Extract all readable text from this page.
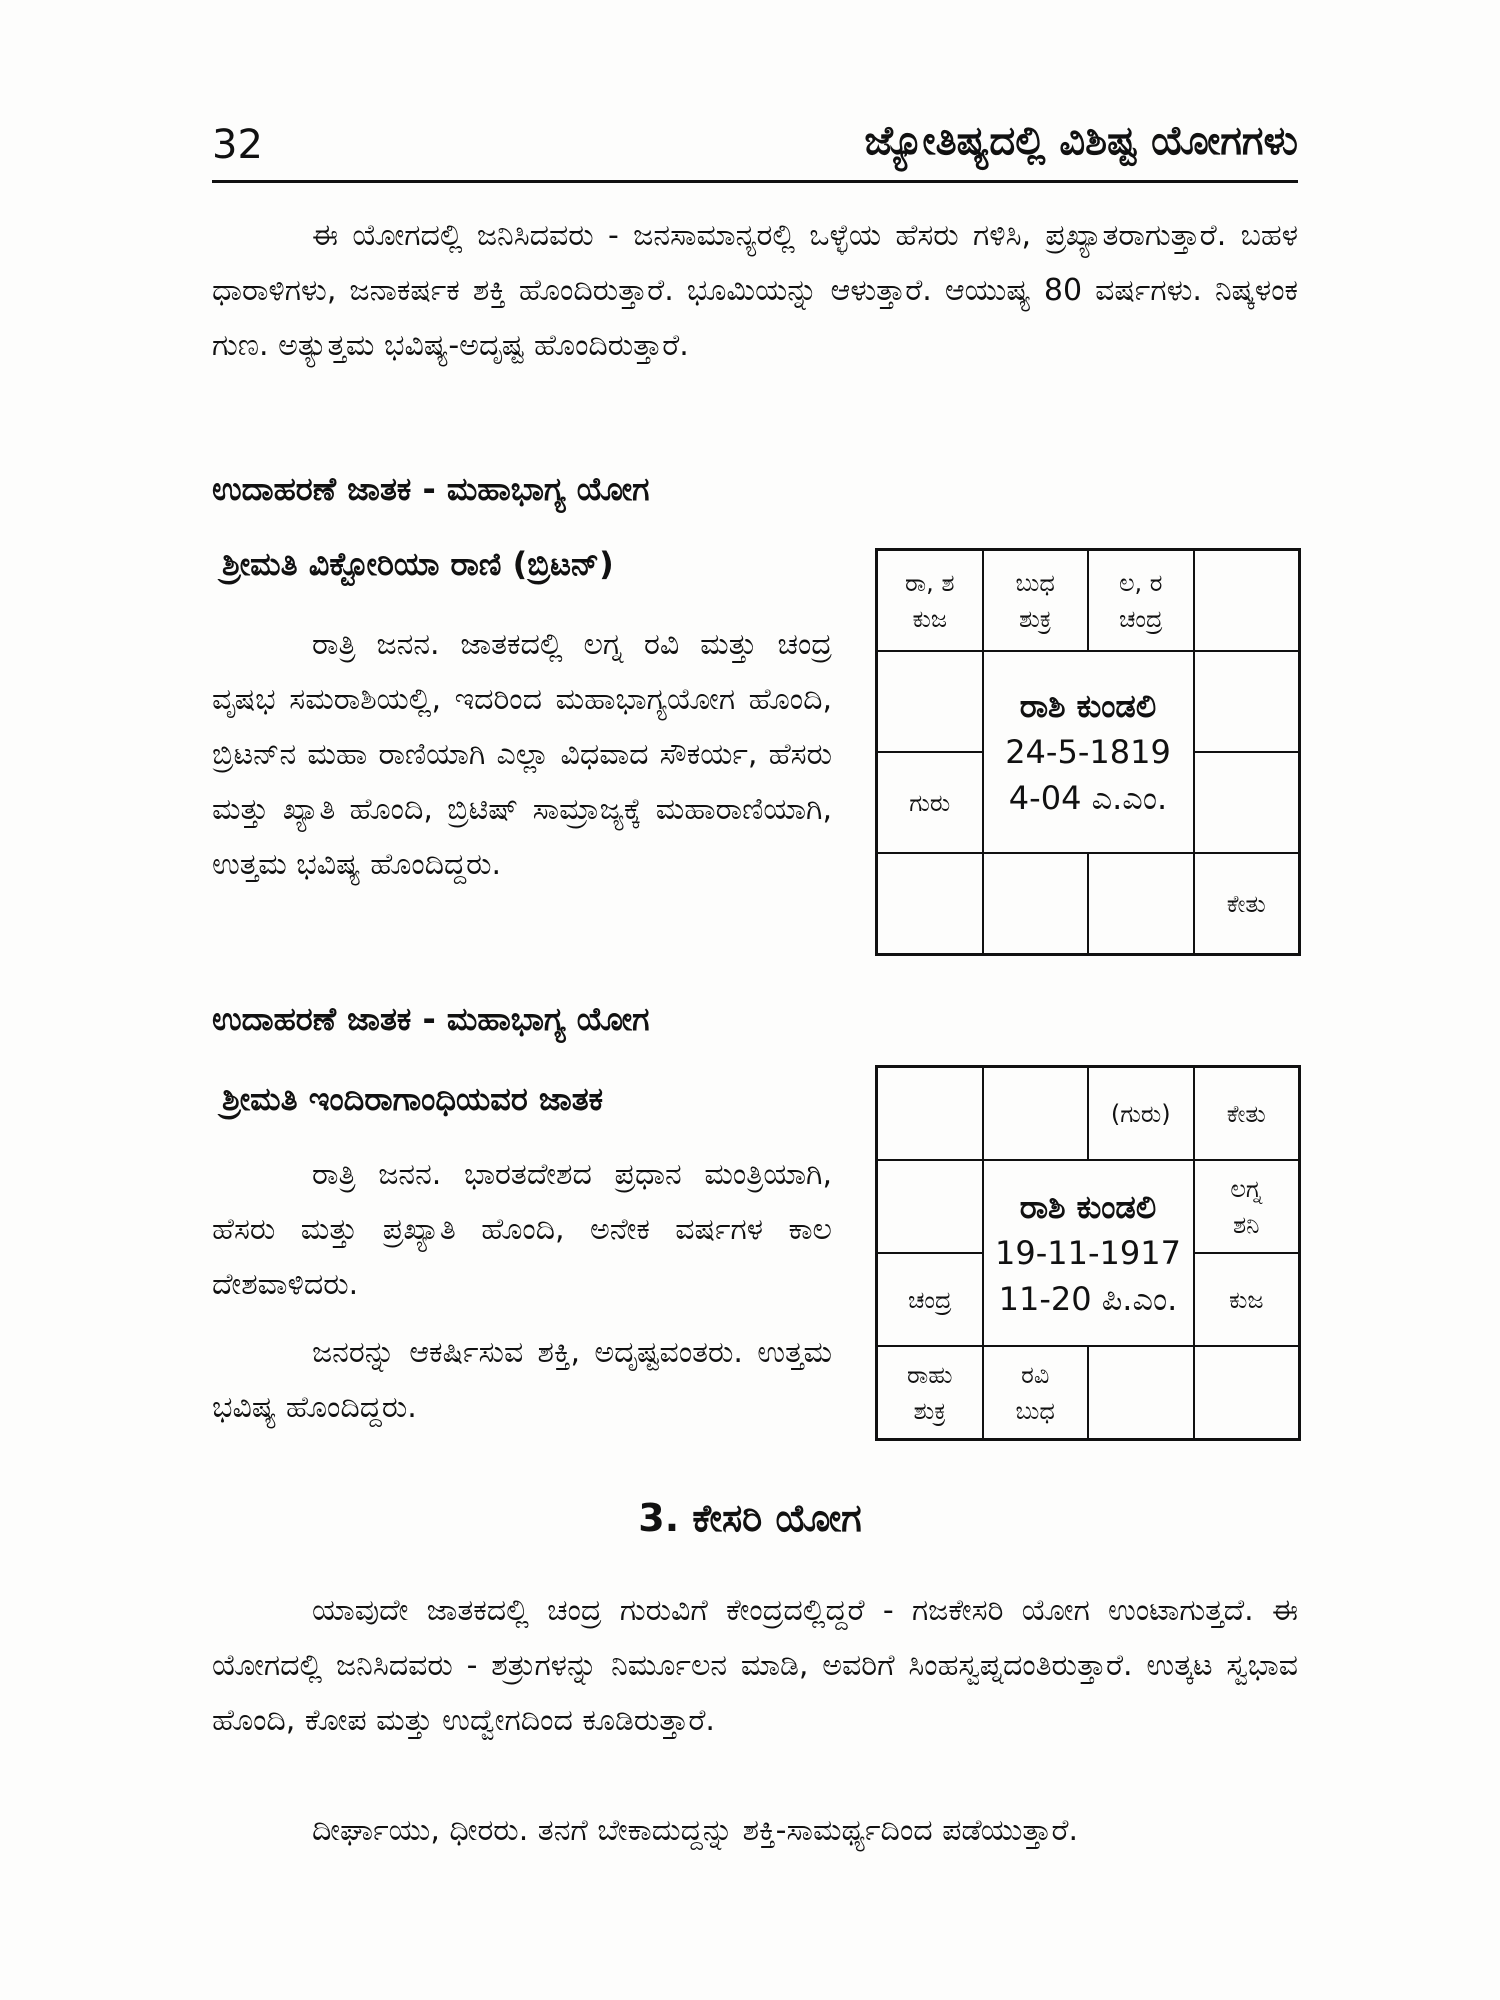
32	ಜ್ಯೋತಿಷ್ಯದಲ್ಲಿ ವಿಶಿಷ್ಟ ಯೋಗಗಳು
ಈ ಯೋಗದಲ್ಲಿ ಜನಿಸಿದವರು - ಜನಸಾಮಾನ್ಯರಲ್ಲಿ ಒಳ್ಳೆಯ ಹೆಸರು ಗಳಿಸಿ, ಪ್ರಖ್ಯಾತರಾಗುತ್ತಾರೆ. ಬಹಳ ಧಾರಾಳಿಗಳು, ಜನಾಕರ್ಷಕ ಶಕ್ತಿ ಹೊಂದಿರುತ್ತಾರೆ. ಭೂಮಿಯನ್ನು ಆಳುತ್ತಾರೆ. ಆಯುಷ್ಯ 80 ವರ್ಷಗಳು. ನಿಷ್ಕಳಂಕ ಗುಣ. ಅತ್ಯುತ್ತಮ ಭವಿಷ್ಯ-ಅದೃಷ್ಟ ಹೊಂದಿರುತ್ತಾರೆ.
ಉದಾಹರಣೆ ಜಾತಕ - ಮಹಾಭಾಗ್ಯ ಯೋಗ
ಶ್ರೀಮತಿ ವಿಕ್ಟೋರಿಯಾ ರಾಣಿ (ಬ್ರಿಟನ್)
ರಾತ್ರಿ ಜನನ. ಜಾತಕದಲ್ಲಿ ಲಗ್ನ ರವಿ ಮತ್ತು ಚಂದ್ರ ವೃಷಭ ಸಮರಾಶಿಯಲ್ಲಿ, ಇದರಿಂದ ಮಹಾಭಾಗ್ಯಯೋಗ ಹೊಂದಿ, ಬ್ರಿಟನ್‌ನ ಮಹಾ ರಾಣಿಯಾಗಿ ಎಲ್ಲಾ ವಿಧವಾದ ಸೌಕರ್ಯ, ಹೆಸರು ಮತ್ತು ಖ್ಯಾತಿ ಹೊಂದಿ, ಬ್ರಿಟಿಷ್ ಸಾಮ್ರಾಜ್ಯಕ್ಕೆ ಮಹಾರಾಣಿಯಾಗಿ, ಉತ್ತಮ ಭವಿಷ್ಯ ಹೊಂದಿದ್ದರು.
ರಾ, ಶ
ಕುಜ
ಬುಧ
ಶುಕ್ರ
ಲ, ರ
ಚಂದ್ರ
ಗುರು
ಕೇತು
ರಾಶಿ ಕುಂಡಲಿ
24-5-1819
4-04 ಎ.ಎಂ.
ಉದಾಹರಣೆ ಜಾತಕ - ಮಹಾಭಾಗ್ಯ ಯೋಗ
ಶ್ರೀಮತಿ ಇಂದಿರಾಗಾಂಧಿಯವರ ಜಾತಕ
ರಾತ್ರಿ ಜನನ. ಭಾರತದೇಶದ ಪ್ರಧಾನ ಮಂತ್ರಿಯಾಗಿ, ಹೆಸರು ಮತ್ತು ಪ್ರಖ್ಯಾತಿ ಹೊಂದಿ, ಅನೇಕ ವರ್ಷಗಳ ಕಾಲ ದೇಶವಾಳಿದರು.
ಜನರನ್ನು ಆಕರ್ಷಿಸುವ ಶಕ್ತಿ, ಅದೃಷ್ಟವಂತರು. ಉತ್ತಮ ಭವಿಷ್ಯ ಹೊಂದಿದ್ದರು.
(ಗುರು) ಕೇತು
ಚಂದ್ರ
ಲಗ್ನ
ಶನಿ
ಕುಜ
ರಾಹು
ಶುಕ್ರ
ರವಿ
ಬುಧ
ರಾಶಿ ಕುಂಡಲಿ
19-11-1917
11-20 ಪಿ.ಎಂ.
3. ಕೇಸರಿ ಯೋಗ
ಯಾವುದೇ ಜಾತಕದಲ್ಲಿ ಚಂದ್ರ ಗುರುವಿಗೆ ಕೇಂದ್ರದಲ್ಲಿದ್ದರೆ - ಗಜಕೇಸರಿ ಯೋಗ ಉಂಟಾಗುತ್ತದೆ. ಈ ಯೋಗದಲ್ಲಿ ಜನಿಸಿದವರು - ಶತ್ರುಗಳನ್ನು ನಿರ್ಮೂಲನ ಮಾಡಿ, ಅವರಿಗೆ ಸಿಂಹಸ್ವಪ್ನದಂತಿರುತ್ತಾರೆ. ಉತ್ಕಟ ಸ್ವಭಾವ ಹೊಂದಿ, ಕೋಪ ಮತ್ತು ಉದ್ವೇಗದಿಂದ ಕೂಡಿರುತ್ತಾರೆ.
ದೀರ್ಘಾಯು, ಧೀರರು. ತನಗೆ ಬೇಕಾದುದ್ದನ್ನು ಶಕ್ತಿ-ಸಾಮರ್ಥ್ಯದಿಂದ ಪಡೆಯುತ್ತಾರೆ.
